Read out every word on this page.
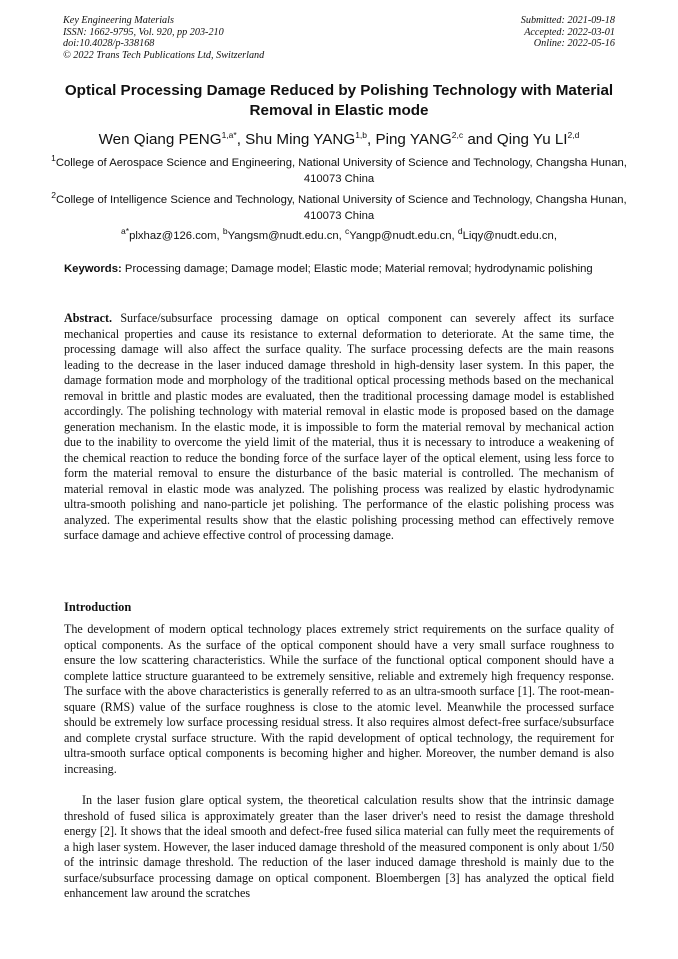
Key Engineering Materials
ISSN: 1662-9795, Vol. 920, pp 203-210
doi:10.4028/p-338168
© 2022 Trans Tech Publications Ltd, Switzerland
Submitted: 2021-09-18
Accepted: 2022-03-01
Online: 2022-05-16
Optical Processing Damage Reduced by Polishing Technology with Material Removal in Elastic mode
Wen Qiang $PENG^{1,a*}$, Shu Ming YANG$^{1,b}$, Ping YANG$^{2,c}$ and Qing Yu LI$^{2,d}$
$^1$College of Aerospace Science and Engineering, National University of Science and Technology, Changsha Hunan, 410073 China
$^2$College of Intelligence Science and Technology, National University of Science and Technology, Changsha Hunan, 410073 China
$^{a*}$plxhaz@126.com, $^b$Yangsm@nudt.edu.cn, $^c$Yangp@nudt.edu.cn, $^d$Liqy@nudt.edu.cn,
Keywords: Processing damage; Damage model; Elastic mode; Material removal; hydrodynamic polishing
Abstract. Surface/subsurface processing damage on optical component can severely affect its surface mechanical properties and cause its resistance to external deformation to deteriorate. At the same time, the processing damage will also affect the surface quality. The surface processing defects are the main reasons leading to the decrease in the laser induced damage threshold in high-density laser system. In this paper, the damage formation mode and morphology of the traditional optical processing methods based on the mechanical removal in brittle and plastic modes are evaluated, then the traditional processing damage model is established accordingly. The polishing technology with material removal in elastic mode is proposed based on the damage generation mechanism. In the elastic mode, it is impossible to form the material removal by mechanical action due to the inability to overcome the yield limit of the material, thus it is necessary to introduce a weakening of the chemical reaction to reduce the bonding force of the surface layer of the optical element, using less force to form the material removal to ensure the disturbance of the basic material is controlled. The mechanism of material removal in elastic mode was analyzed. The polishing process was realized by elastic hydrodynamic ultra-smooth polishing and nano-particle jet polishing. The performance of the elastic polishing process was analyzed. The experimental results show that the elastic polishing processing method can effectively remove surface damage and achieve effective control of processing damage.
Introduction
The development of modern optical technology places extremely strict requirements on the surface quality of optical components. As the surface of the optical component should have a very small surface roughness to ensure the low scattering characteristics. While the surface of the functional optical component should have a complete lattice structure guaranteed to be extremely sensitive, reliable and extremely high frequency response. The surface with the above characteristics is generally referred to as an ultra-smooth surface [1]. The root-mean-square (RMS) value of the surface roughness is close to the atomic level. Meanwhile the processed surface should be extremely low surface processing residual stress. It also requires almost defect-free surface/subsurface and complete crystal surface structure. With the rapid development of optical technology, the requirement for ultra-smooth surface optical components is becoming higher and higher. Moreover, the number demand is also increasing.
In the laser fusion glare optical system, the theoretical calculation results show that the intrinsic damage threshold of fused silica is approximately greater than the laser driver's need to resist the damage threshold energy [2]. It shows that the ideal smooth and defect-free fused silica material can fully meet the requirements of a high laser system. However, the laser induced damage threshold of the measured component is only about 1/50 of the intrinsic damage threshold. The reduction of the laser induced damage threshold is mainly due to the surface/subsurface processing damage on optical component. Bloembergen [3] has analyzed the optical field enhancement law around the scratches
